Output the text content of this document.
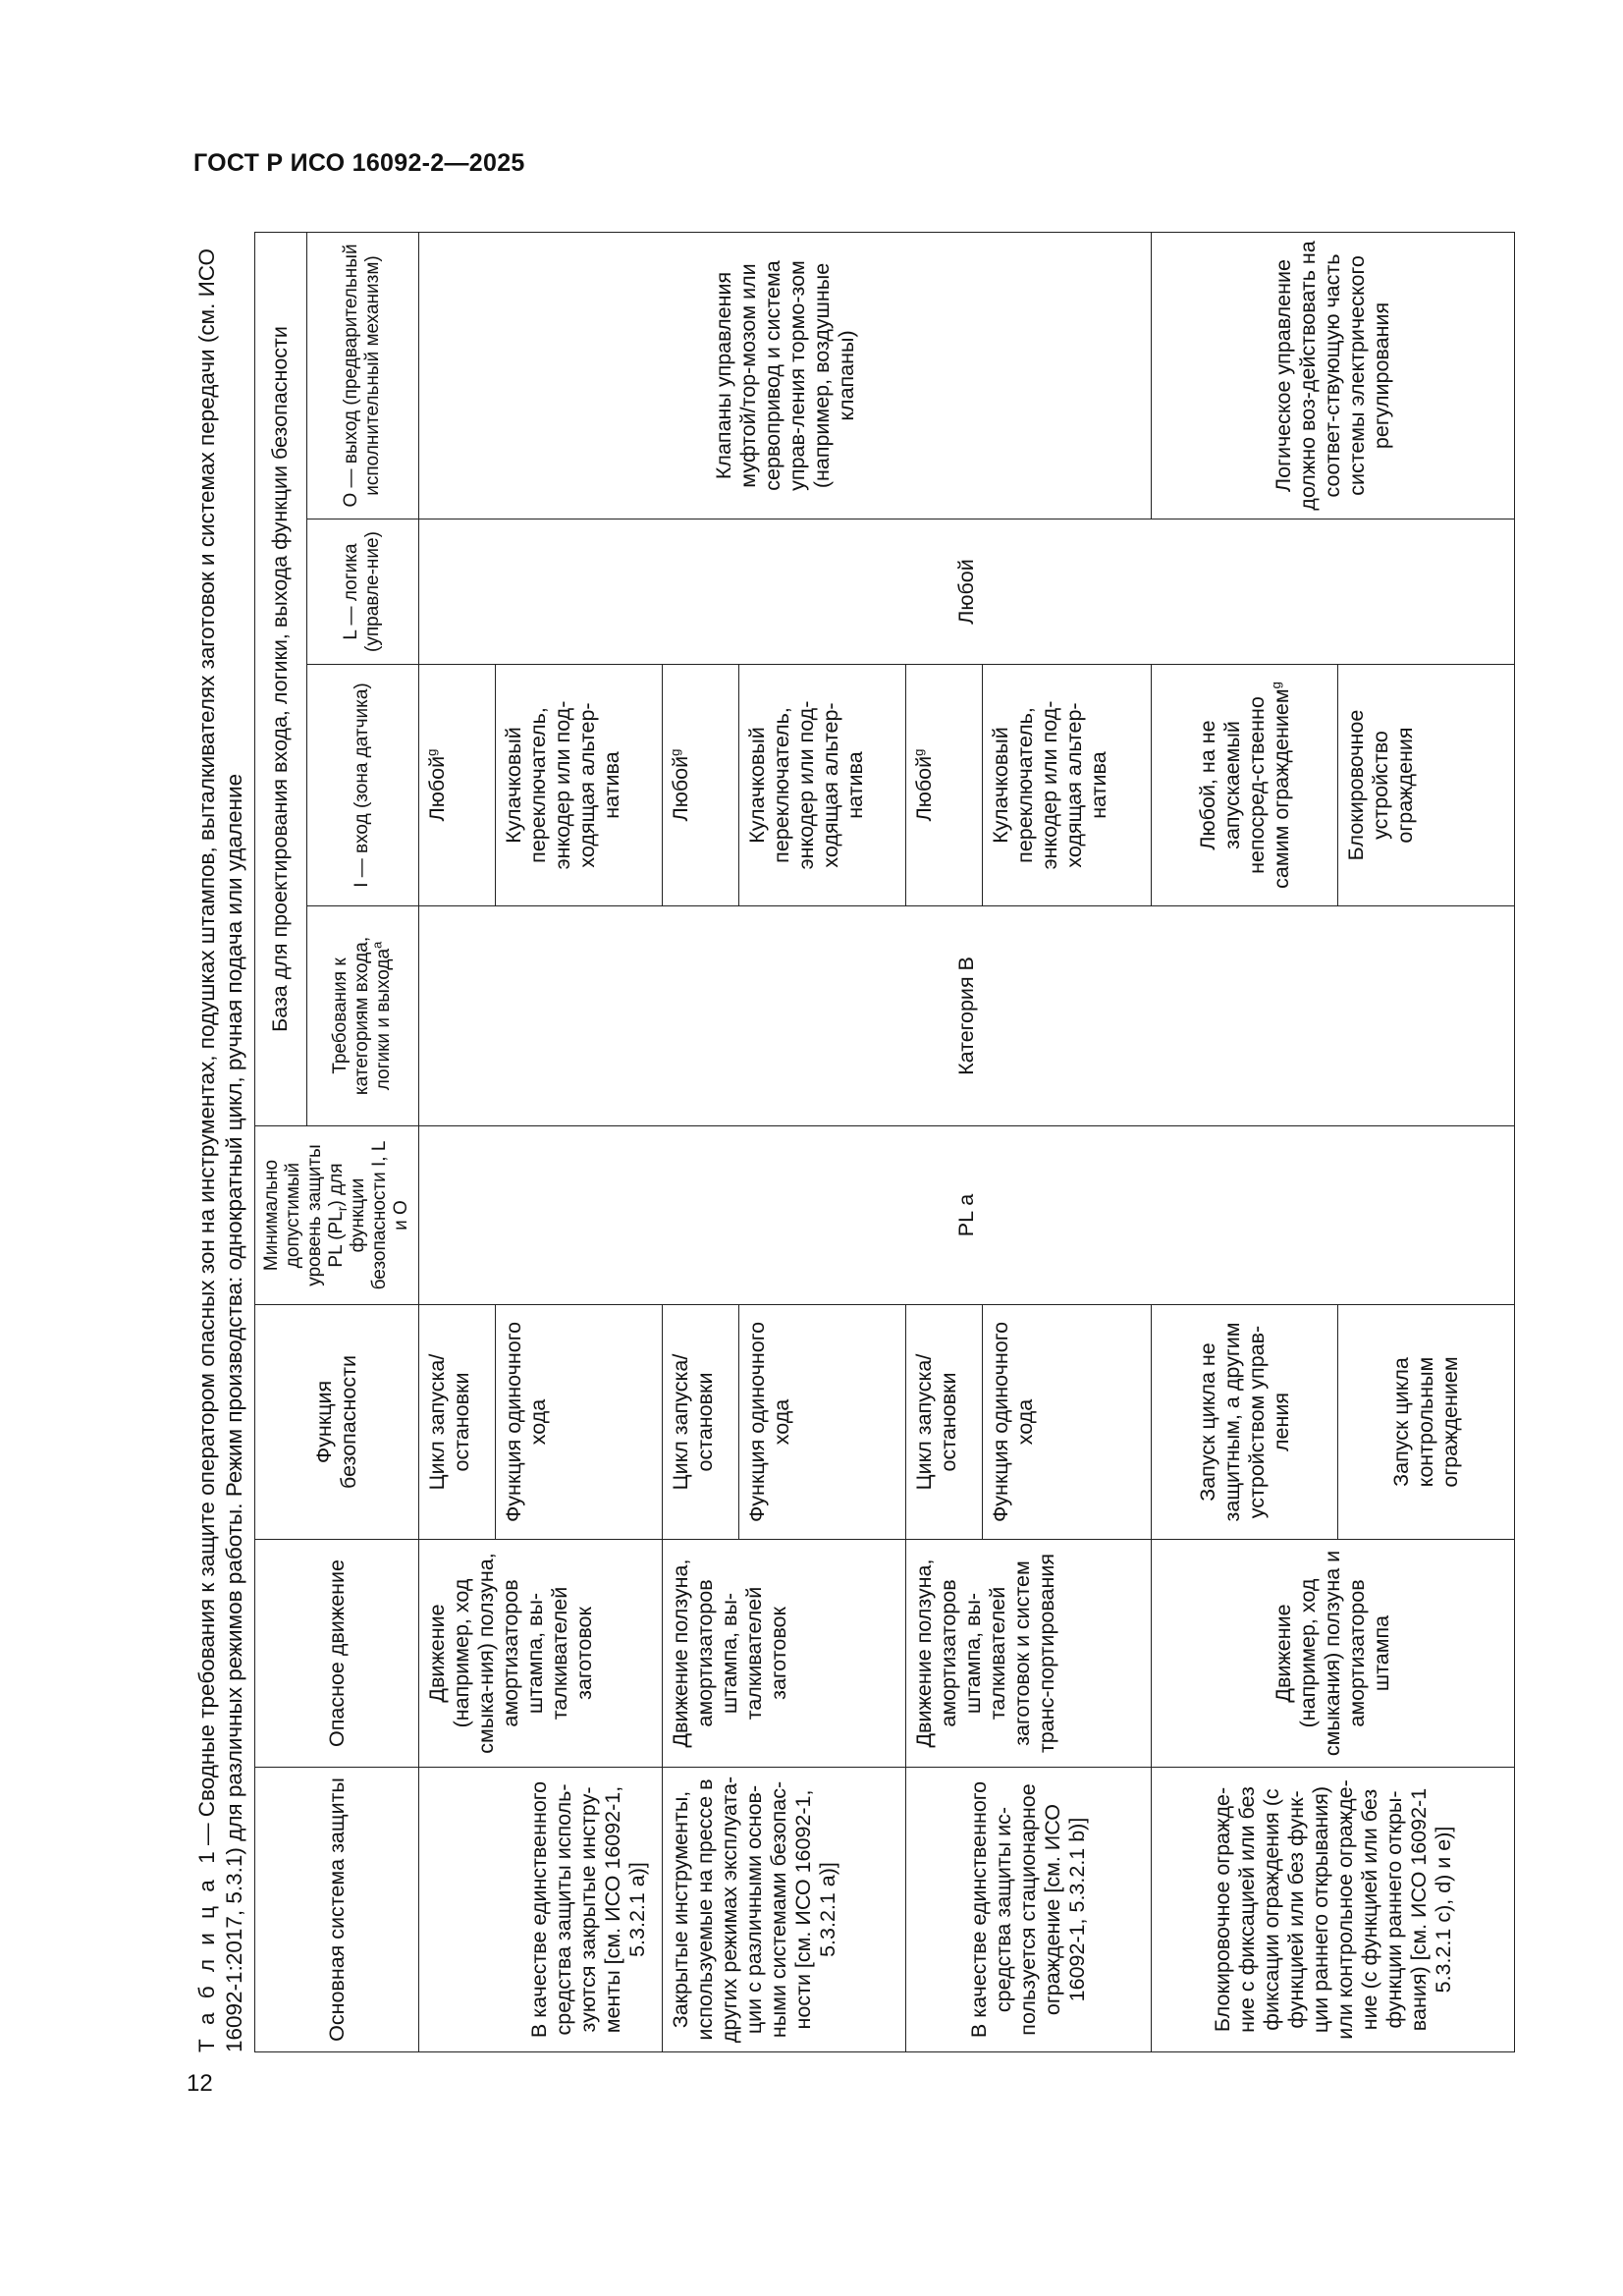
ГОСТ Р ИСО 16092-2—2025
12
Т а б л и ц а  1 — Сводные требования к защите оператором опасных зон на инструментах, подушках штампов, выталкивателях заготовок и системах передачи (см. ИСО 16092-1:2017, 5.3.1) для различных режимов работы. Режим производства: однократный цикл, ручная подача или удаление	Основная система защиты	Опасное движение	Функция безопасности	Минимально допустимый уровень защиты PL $(PL_r)$ для функции безопасности I, L и O	База для проектирования входа, логики, выхода функции безопасности			
				Требования к категориям входа, логики и выхода$^a$	I — вход (зона датчика)	L — логика (управле-ние)	O — выход (предварительный исполнительный механизм)
В качестве единственного средства защиты исполь-зуются закрытые инстру-менты [см. ИСО 16092-1, 5.3.2.1 a)]	Движение (например, ход смыка-ния) ползуна, амортизаторов штампа, вы-талкивателей заготовок	Цикл запуска/ остановки	PL a	Категория B	Любой$^g$	Любой	Клапаны управления муфтой/тор-мозом или сервопривод и система управ-ления тормо-зом (например, воздушные клапаны)
		Функция одиночного хода			Кулачковый переключатель, энкодер или под-ходящая альтер-натива		
Закрытые инструменты, используемые на прессе в других режимах эксплуата-ции с различными основ-ными системами безопас-ности [см. ИСО 16092-1, 5.3.2.1 a)]	Движение ползуна, амортизаторов штампа, вы-талкивателей заготовок	Цикл запуска/ остановки			Любой$^g$
		Функция одиночного хода			Кулачковый переключатель, энкодер или под-ходящая альтер-натива		
В качестве единственного средства защиты ис-пользуется стационарное ограждение [см. ИСО 16092-1, 5.3.2.1 b)]	Движение ползуна, амортизаторов штампа, вы-талкивателей заготовок и систем транс-портирования	Цикл запуска/ остановки			Любой$^g$
		Функция одиночного хода			Кулачковый переключатель, энкодер или под-ходящая альтер-натива		
Блокировочное огражде-ние с фиксацией или без фиксации ограждения (с функцией или без функ-ции раннего открывания) или контрольное огражде-ние (с функцией или без функции раннего откры-вания) [см. ИСО 16092-1 5.3.2.1 c), d) и e)]	Движение (например, ход смыкания) ползуна и амортизаторов штампа	Запуск цикла не защитным, а другим устройством управ-ления			Любой, на не запускаемый непосред-ственно самим ограждением$^g$		Логическое управление должно воз-действовать на соответ-ствующую часть системы электрического регулирования
		Запуск цикла контрольным ограждением			Блокировочное устройство ограждения		
